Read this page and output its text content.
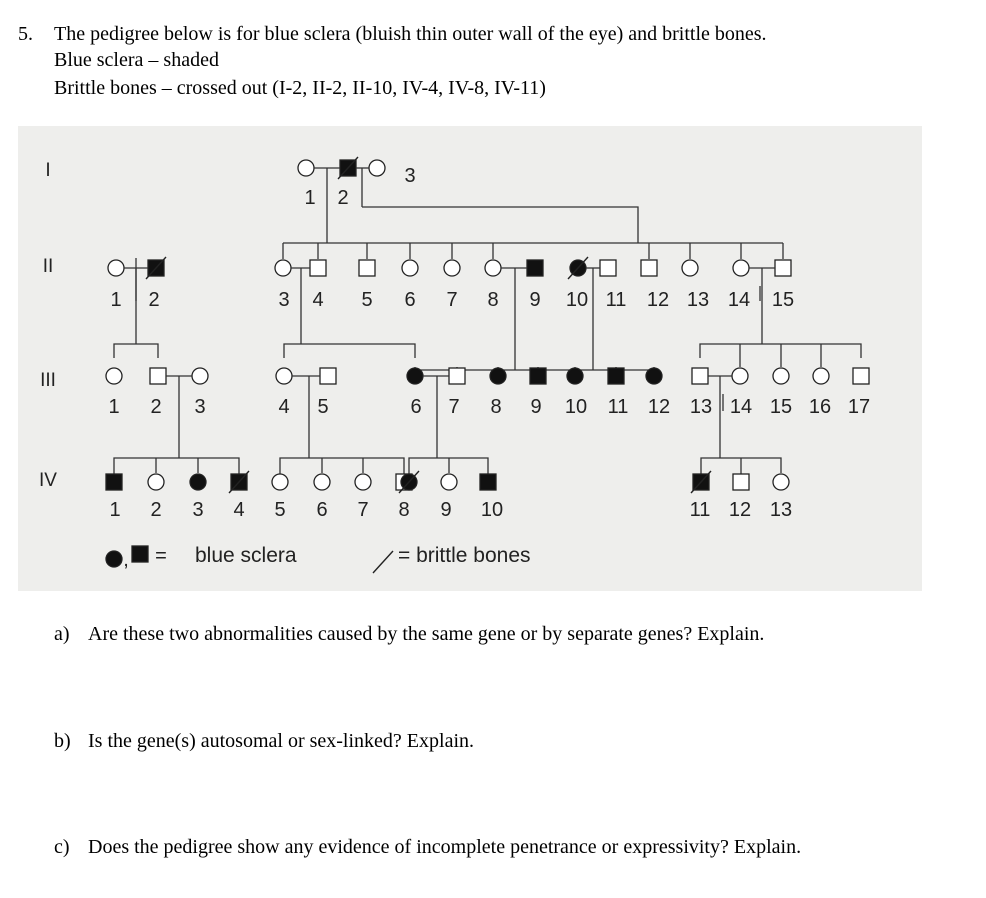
5. The pedigree below is for blue sclera (bluish thin outer wall of the eye) and brittle bones.
Blue sclera – shaded
Brittle bones – crossed out (I-2, II-2, II-10, IV-4, IV-8, IV-11)
I
II
III
IV
1 2
3
1 2	3 4 5 6 7 8 9 10 11 12 13 14 15
1 2 3	4 5	6 7 8 9 10 11 12 13 14 15 16 17
1 2 3 4 5 6 7 8 9 10	11 12 13
, = blue sclera	= brittle bones
a) Are these two abnormalities caused by the same gene or by separate genes? Explain.
b) Is the gene(s) autosomal or sex-linked? Explain.
c) Does the pedigree show any evidence of incomplete penetrance or expressivity? Explain.
